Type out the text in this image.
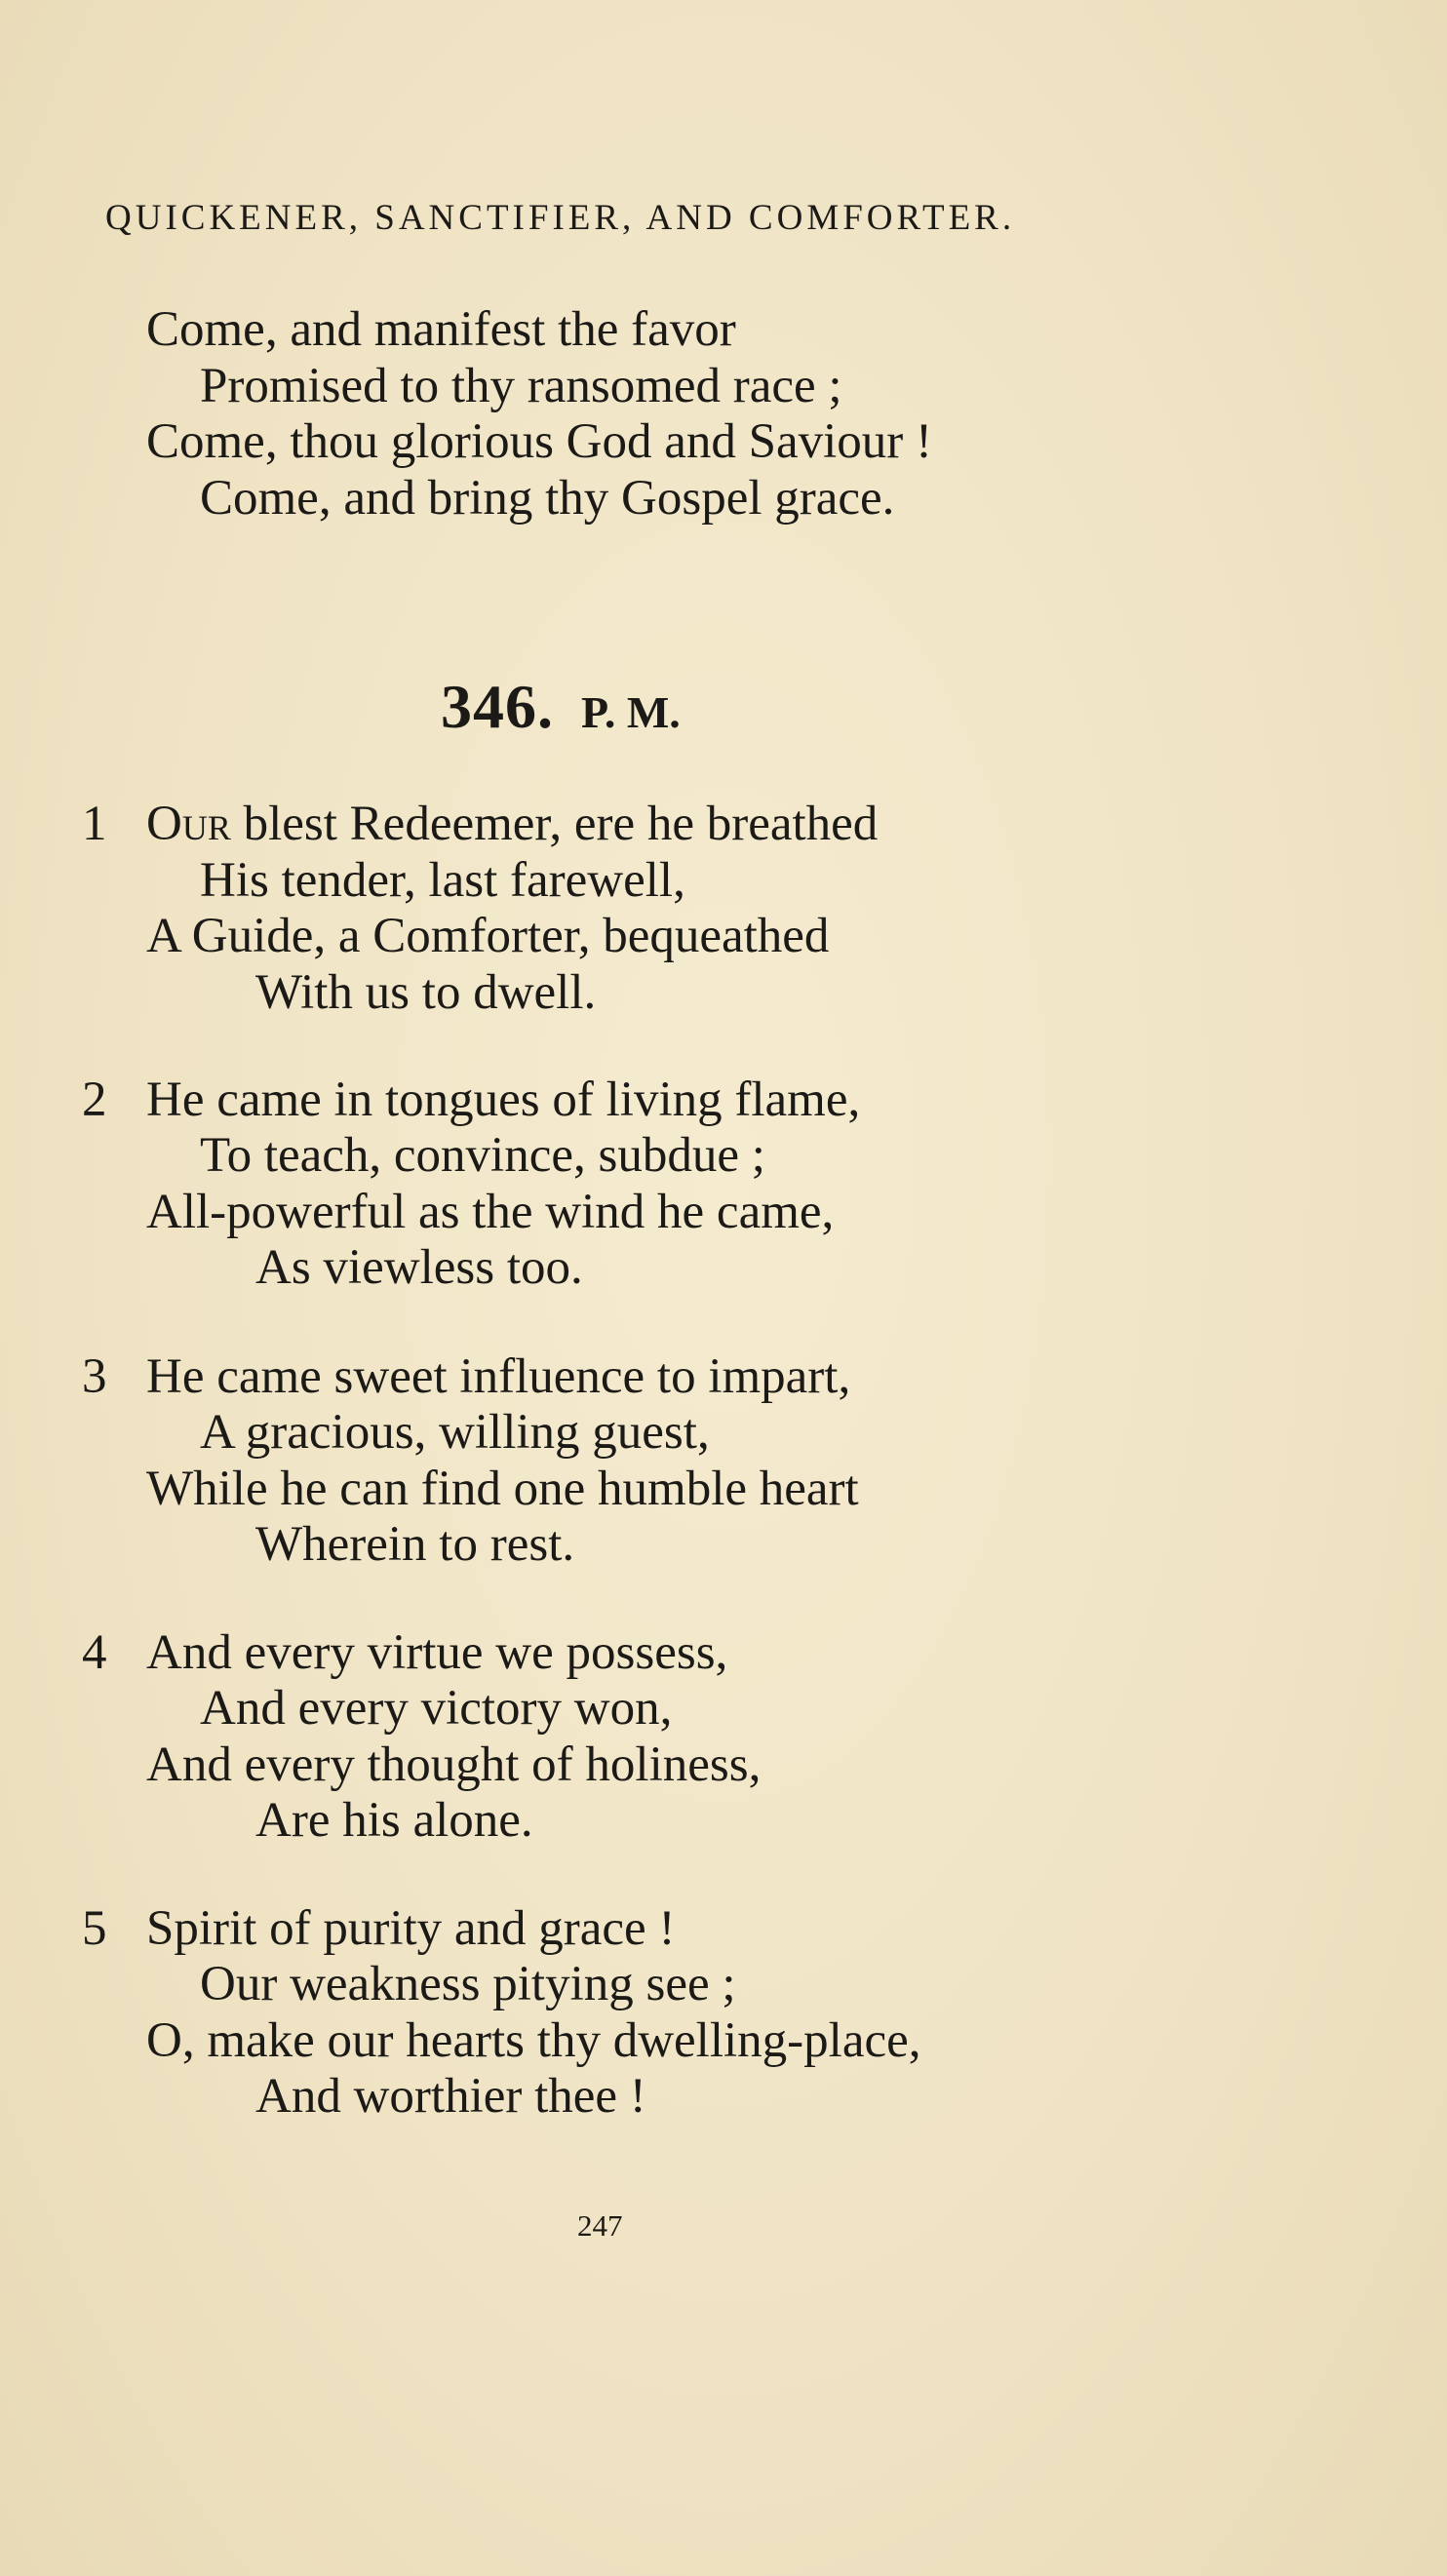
QUICKENER, SANCTIFIER, AND COMFORTER.
Come, and manifest the favor
Promised to thy ransomed race ;
Come, thou glorious God and Saviour !
Come, and bring thy Gospel grace.
346. P. M.
1 Our blest Redeemer, ere he breathed
His tender, last farewell,
A Guide, a Comforter, bequeathed
With us to dwell.
2 He came in tongues of living flame,
To teach, convince, subdue ;
All-powerful as the wind he came,
As viewless too.
3 He came sweet influence to impart,
A gracious, willing guest,
While he can find one humble heart
Wherein to rest.
4 And every virtue we possess,
And every victory won,
And every thought of holiness,
Are his alone.
5 Spirit of purity and grace !
Our weakness pitying see ;
O, make our hearts thy dwelling-place,
And worthier thee !
247
